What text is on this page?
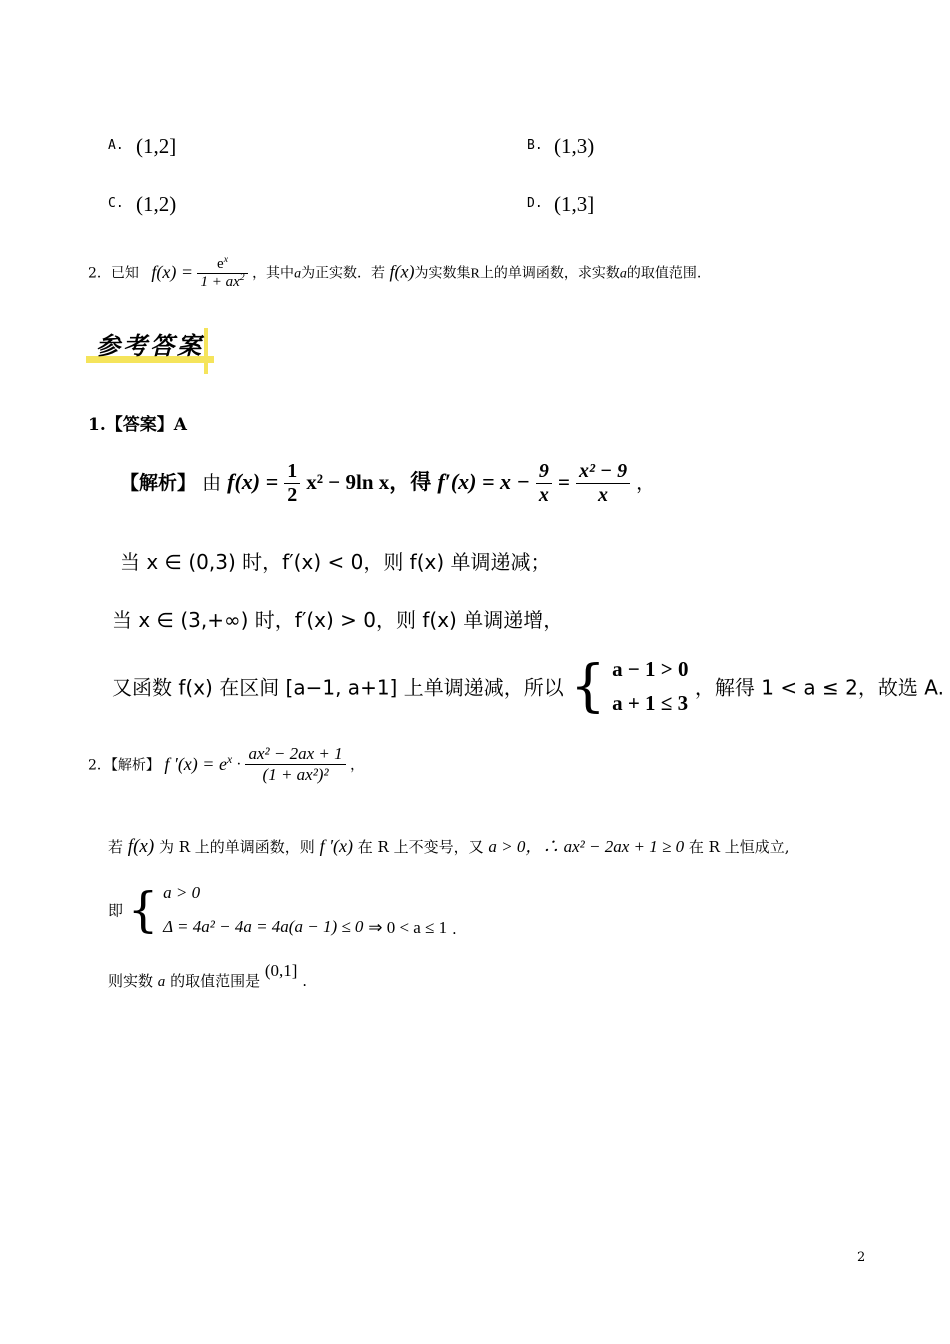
A. (1,2]	B. (1,3)
C. (1,2)	D. (1,3]
2．已知 $f(x) = \frac{e^x}{1 + ax^2}$ ，其中a为正实数．若 f(x)为实数集R上的单调函数，求实数a的取值范围.
参考答案
1.【答案】A
【解析】 由 $f(x) = \frac{1}{2} x^2 - 9\ln$ x，得 $f'(x) = x - \frac{9}{x} = \frac{\text{x² − 9}}{x}$ ，
当 x ∈ (0,3) 时，f′(x) < 0，则 f(x) 单调递减；
当 x ∈ (3,+∞) 时，f′(x) > 0，则 f(x) 单调递增，
又函数 f(x) 在区间 [a−1, a+1] 上单调递减，所以 { a − 1 > 0
a + 1 ≤ 3
，解得 1 < a ≤ 2，故选 A.
2．【解析】 f $'(x) = e^x \cdot \frac{\text{ax² − 2ax + 1}}{\text{(1 + ax²)²}}$ ，
若 f(x) 为 R 上的单调函数，则 f ′(x) 在 R 上不变号，又 a > 0，∴ ax² − 2ax + 1 ≥ 0 在 R 上恒成立,
即 { a > 0
Δ = 4a² − 4a = 4a(a − 1) ≤ 0 ⇒ 0 < a ≤ 1 .
则实数 a 的取值范围是 (0,1] .
2
